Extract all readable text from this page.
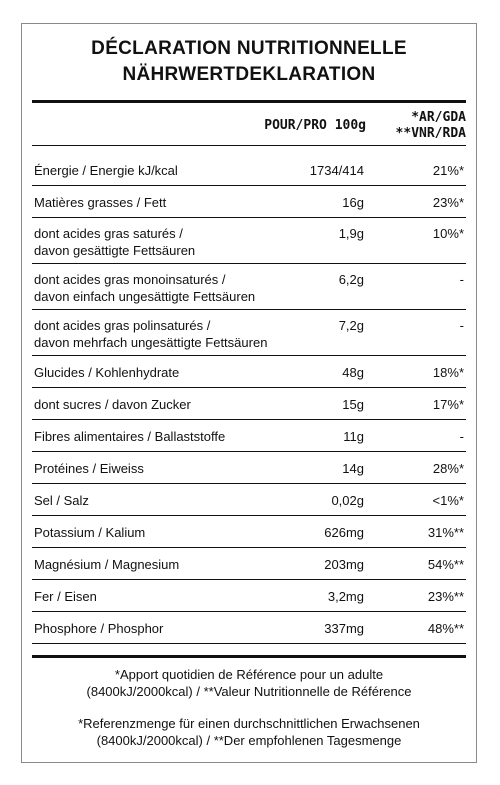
DÉCLARATION NUTRITIONNELLE
NÄHRWERTDEKLARATION
POUR/PRO 100g
*AR/GDA
**VNR/RDA
Énergie / Energie kJ/kcal	1734/414	21%*
Matières grasses / Fett	16g	23%*
dont acides gras saturés /
davon gesättigte Fettsäuren
1,9g	10%*
dont acides gras monoinsaturés /
davon einfach ungesättigte Fettsäuren
6,2g	-
dont acides gras polinsaturés /
davon mehrfach ungesättigte Fettsäuren
7,2g	-
Glucides / Kohlenhydrate	48g	18%*
dont sucres / davon Zucker	15g	17%*
Fibres alimentaires / Ballaststoffe	11g	-
Protéines / Eiweiss	14g	28%*
Sel / Salz	0,02g	<1%*
Potassium / Kalium	626mg	31%**
Magnésium / Magnesium	203mg	54%**
Fer / Eisen	3,2mg	23%**
Phosphore / Phosphor	337mg	48%**
*Apport quotidien de Référence pour un adulte
(8400kJ/2000kcal) / **Valeur Nutritionnelle de Référence
*Referenzmenge für einen durchschnittlichen Erwachsenen
(8400kJ/2000kcal) / **Der empfohlenen Tagesmenge
